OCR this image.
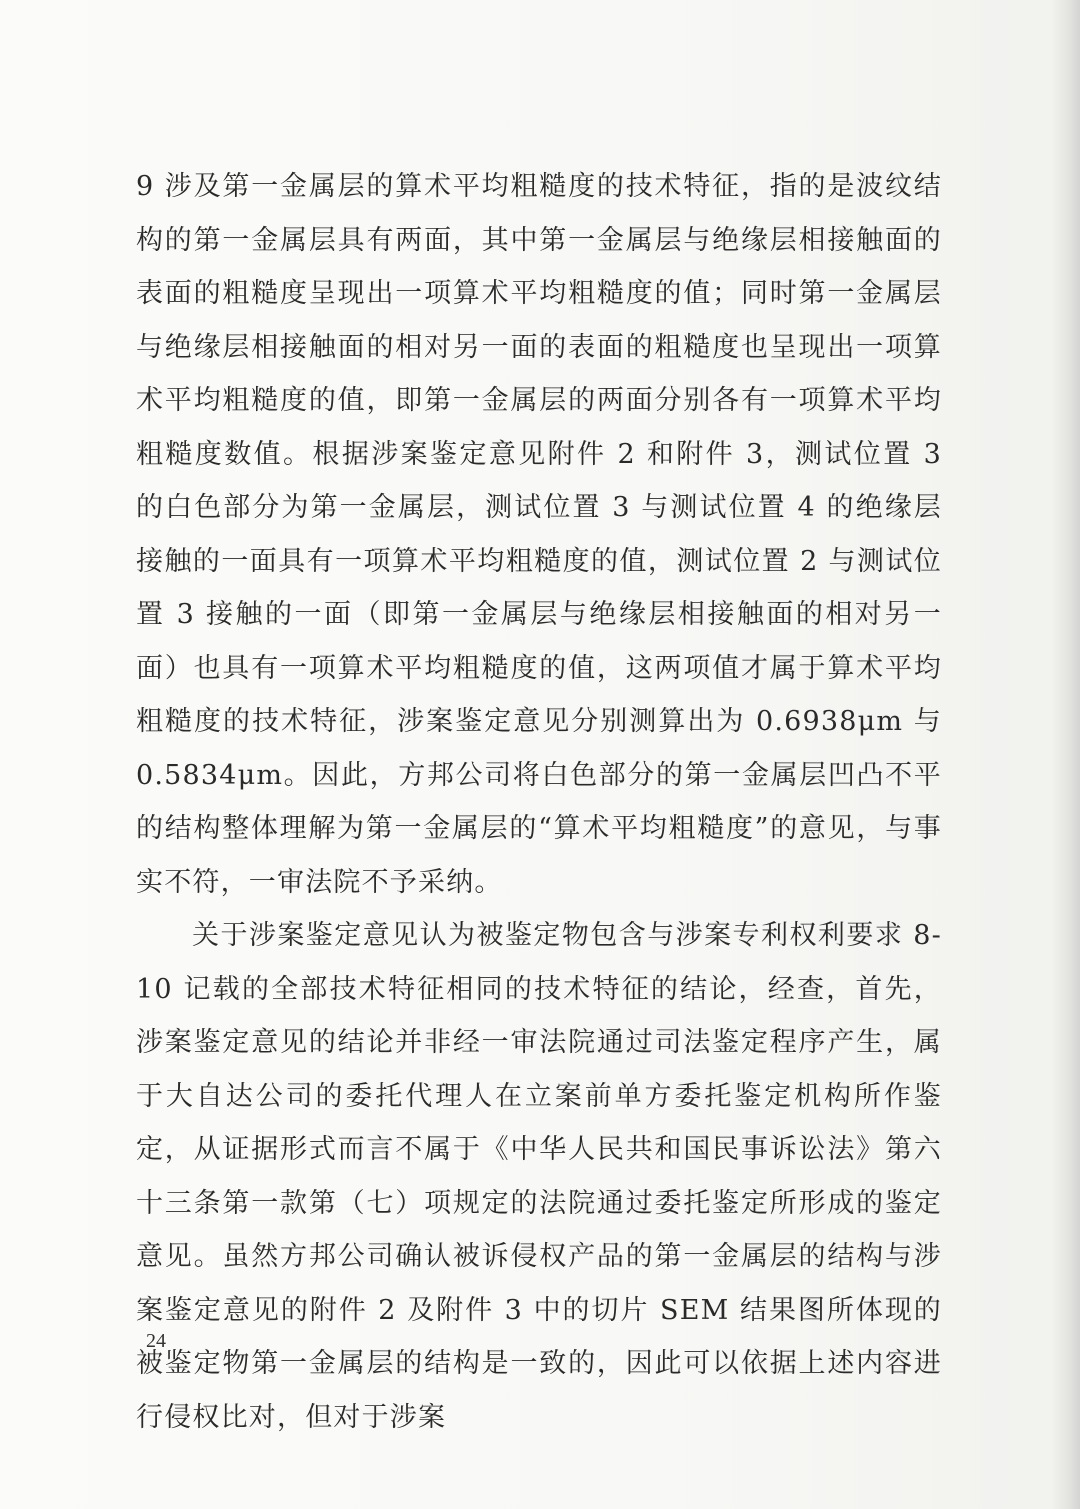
9 涉及第一金属层的算术平均粗糙度的技术特征，指的是波纹结构的第一金属层具有两面，其中第一金属层与绝缘层相接触面的表面的粗糙度呈现出一项算术平均粗糙度的值；同时第一金属层与绝缘层相接触面的相对另一面的表面的粗糙度也呈现出一项算术平均粗糙度的值，即第一金属层的两面分别各有一项算术平均粗糙度数值。根据涉案鉴定意见附件 2 和附件 3，测试位置 3 的白色部分为第一金属层，测试位置 3 与测试位置 4 的绝缘层接触的一面具有一项算术平均粗糙度的值，测试位置 2 与测试位置 3 接触的一面（即第一金属层与绝缘层相接触面的相对另一面）也具有一项算术平均粗糙度的值，这两项值才属于算术平均粗糙度的技术特征，涉案鉴定意见分别测算出为 0.6938μm 与 0.5834μm。因此，方邦公司将白色部分的第一金属层凹凸不平的结构整体理解为第一金属层的“算术平均粗糙度”的意见，与事实不符，一审法院不予采纳。

关于涉案鉴定意见认为被鉴定物包含与涉案专利权利要求 8-10 记载的全部技术特征相同的技术特征的结论，经查，首先，涉案鉴定意见的结论并非经一审法院通过司法鉴定程序产生，属于大自达公司的委托代理人在立案前单方委托鉴定机构所作鉴定，从证据形式而言不属于《中华人民共和国民事诉讼法》第六十三条第一款第（七）项规定的法院通过委托鉴定所形成的鉴定意见。虽然方邦公司确认被诉侵权产品的第一金属层的结构与涉案鉴定意见的附件 2 及附件 3 中的切片 SEM 结果图所体现的被鉴定物第一金属层的结构是一致的，因此可以依据上述内容进行侵权比对，但对于涉案

24
